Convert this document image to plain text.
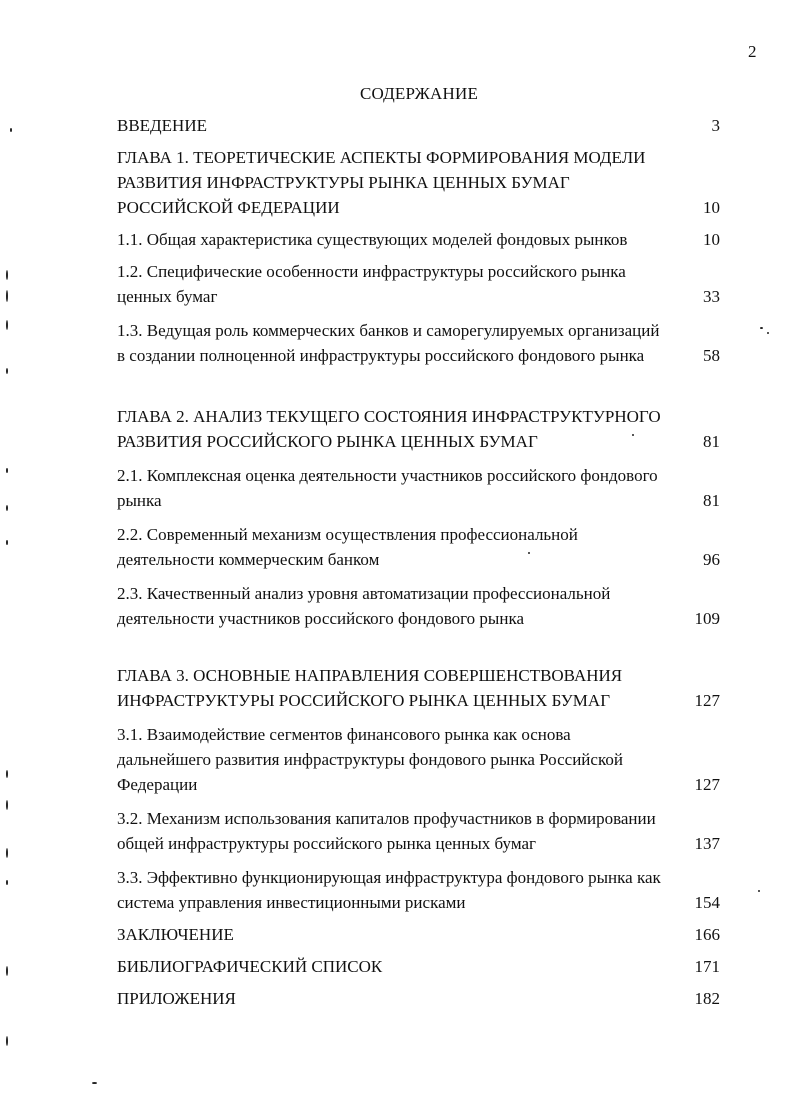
2
СОДЕРЖАНИЕ
ВВЕДЕНИЕ	3
ГЛАВА 1. ТЕОРЕТИЧЕСКИЕ АСПЕКТЫ ФОРМИРОВАНИЯ МОДЕЛИ РАЗВИТИЯ ИНФРАСТРУКТУРЫ РЫНКА ЦЕННЫХ БУМАГ РОССИЙСКОЙ ФЕДЕРАЦИИ	10
1.1. Общая характеристика существующих моделей фондовых рынков	10
1.2. Специфические особенности инфраструктуры российского рынка ценных бумаг	33
1.3. Ведущая роль коммерческих банков и саморегулируемых организаций в создании полноценной инфраструктуры российского фондового рынка	58
ГЛАВА 2. АНАЛИЗ ТЕКУЩЕГО СОСТОЯНИЯ ИНФРАСТРУКТУРНОГО РАЗВИТИЯ РОССИЙСКОГО РЫНКА ЦЕННЫХ БУМАГ	81
2.1. Комплексная оценка деятельности участников российского фондового рынка	81
2.2. Современный механизм осуществления профессиональной деятельности коммерческим банком	96
2.3. Качественный анализ уровня автоматизации профессиональной деятельности участников российского фондового рынка	109
ГЛАВА 3. ОСНОВНЫЕ НАПРАВЛЕНИЯ СОВЕРШЕНСТВОВАНИЯ ИНФРАСТРУКТУРЫ РОССИЙСКОГО РЫНКА ЦЕННЫХ БУМАГ	127
3.1. Взаимодействие сегментов финансового рынка как основа дальнейшего развития инфраструктуры фондового рынка Российской Федерации	127
3.2. Механизм использования капиталов профучастников в формировании общей инфраструктуры российского рынка ценных бумаг	137
3.3. Эффективно функционирующая инфраструктура фондового рынка как система управления инвестиционными рисками	154
ЗАКЛЮЧЕНИЕ	166
БИБЛИОГРАФИЧЕСКИЙ СПИСОК	171
ПРИЛОЖЕНИЯ	182
